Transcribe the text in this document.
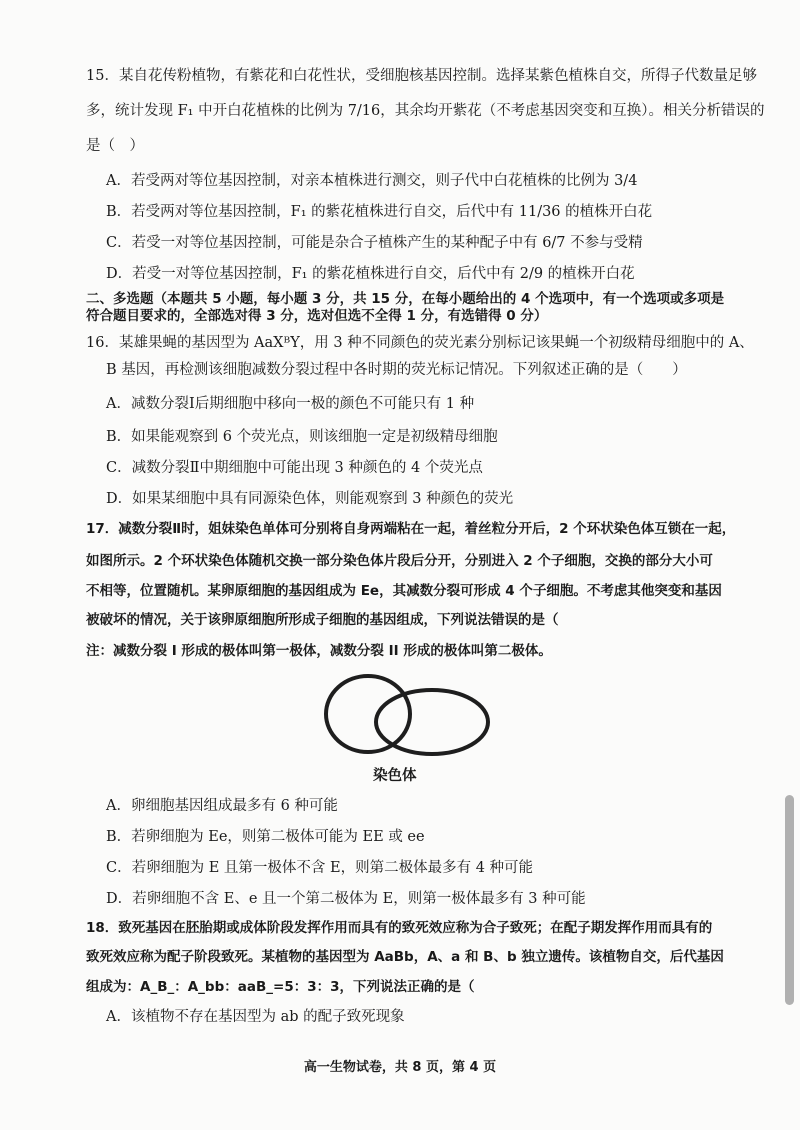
15．某自花传粉植物，有紫花和白花性状，受细胞核基因控制。选择某紫色植株自交，所得子代数量足够
多，统计发现 F₁ 中开白花植株的比例为 7/16，其余均开紫花（不考虑基因突变和互换）。相关分析错误的
是（　）
A．若受两对等位基因控制，对亲本植株进行测交，则子代中白花植株的比例为 3/4
B．若受两对等位基因控制，F₁ 的紫花植株进行自交，后代中有 11/36 的植株开白花
C．若受一对等位基因控制，可能是杂合子植株产生的某种配子中有 6/7 不参与受精
D．若受一对等位基因控制，F₁ 的紫花植株进行自交，后代中有 2/9 的植株开白花
二、多选题（本题共 5 小题，每小题 3 分，共 15 分，在每小题给出的 4 个选项中，有一个选项或多项是
符合题目要求的，全部选对得 3 分，选对但选不全得 1 分，有选错得 0 分）
16．某雄果蝇的基因型为 AaXᴮY，用 3 种不同颜色的荧光素分别标记该果蝇一个初级精母细胞中的 A、
B 基因，再检测该细胞减数分裂过程中各时期的荧光标记情况。下列叙述正确的是（　　）
A．减数分裂Ⅰ后期细胞中移向一极的颜色不可能只有 1 种
B．如果能观察到 6 个荧光点，则该细胞一定是初级精母细胞
C．减数分裂Ⅱ中期细胞中可能出现 3 种颜色的 4 个荧光点
D．如果某细胞中具有同源染色体，则能观察到 3 种颜色的荧光
17．减数分裂Ⅱ时，姐妹染色单体可分别将自身两端粘在一起，着丝粒分开后，2 个环状染色体互锁在一起，
如图所示。2 个环状染色体随机交换一部分染色体片段后分开，分别进入 2 个子细胞，交换的部分大小可
不相等，位置随机。某卵原细胞的基因组成为 Ee，其减数分裂可形成 4 个子细胞。不考虑其他突变和基因
被破坏的情况，关于该卵原细胞所形成子细胞的基因组成，下列说法错误的是（
注：减数分裂 I 形成的极体叫第一极体，减数分裂 II 形成的极体叫第二极体。
染色体
A．卵细胞基因组成最多有 6 种可能
B．若卵细胞为 Ee，则第二极体可能为 EE 或 ee
C．若卵细胞为 E 且第一极体不含 E，则第二极体最多有 4 种可能
D．若卵细胞不含 E、e 且一个第二极体为 E，则第一极体最多有 3 种可能
18．致死基因在胚胎期或成体阶段发挥作用而具有的致死效应称为合子致死；在配子期发挥作用而具有的
致死效应称为配子阶段致死。某植物的基因型为 AaBb，A、a 和 B、b 独立遗传。该植物自交，后代基因
组成为：A_B_：A_bb：aaB_=5：3：3，下列说法正确的是（
A．该植物不存在基因型为 ab 的配子致死现象
高一生物试卷，共 8 页，第 4 页
